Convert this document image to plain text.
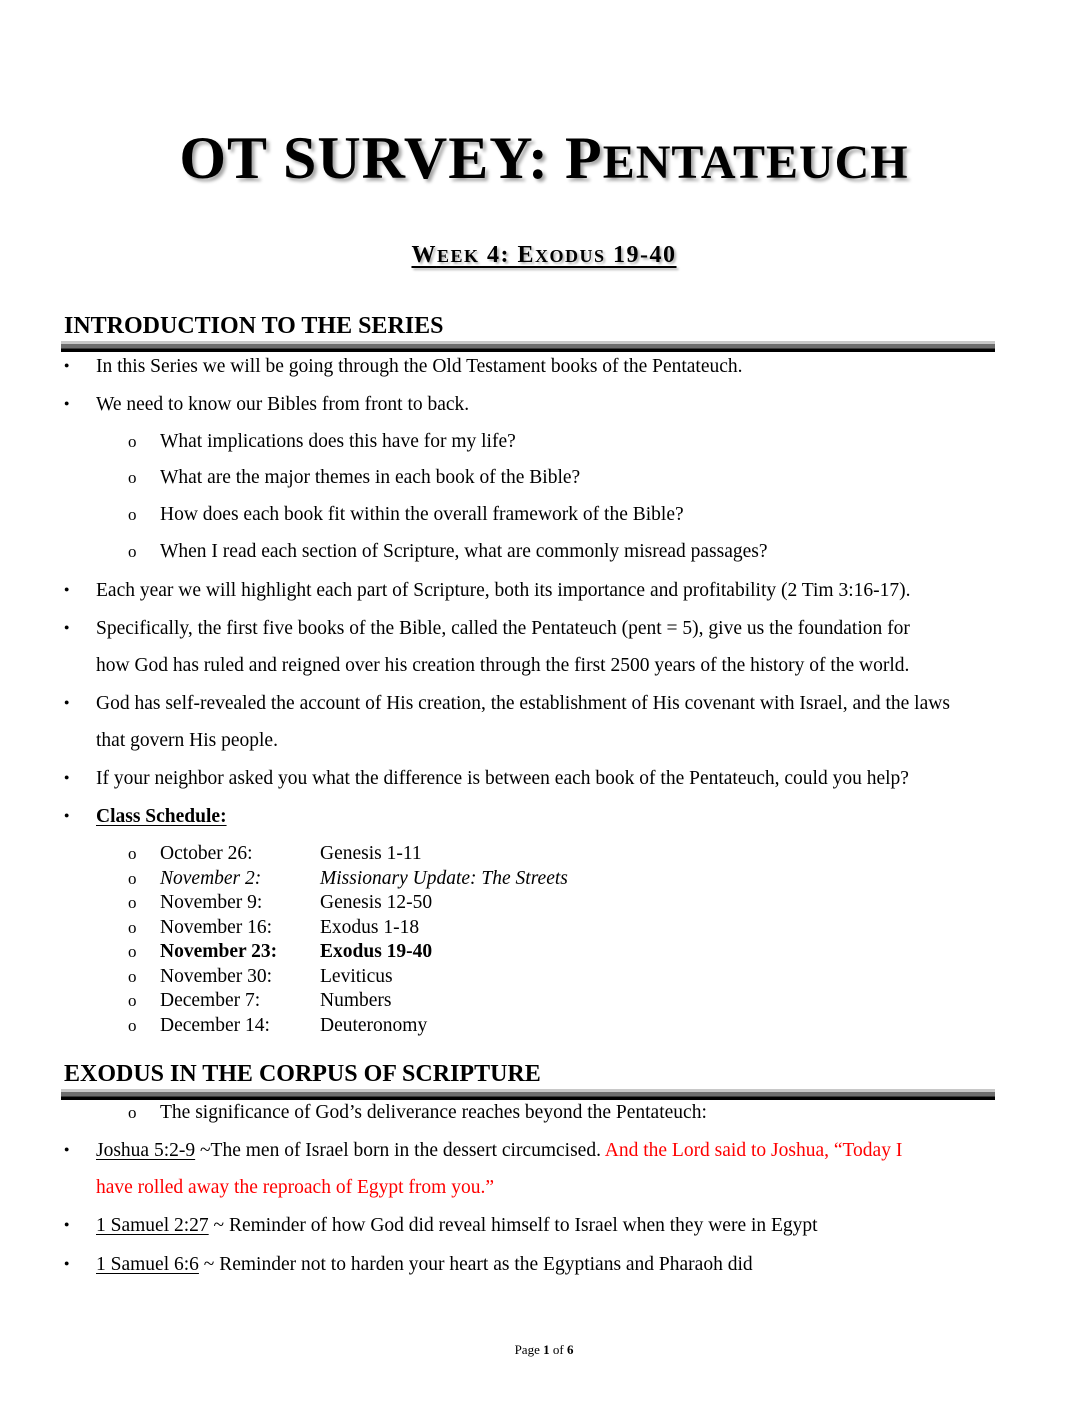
OT SURVEY: PENTATEUCH
WEEK 4: EXODUS 19-40
INTRODUCTION TO THE SERIES
●
In this Series we will be going through the Old Testament books of the Pentateuch.
●
We need to know our Bibles from front to back.
o What implications does this have for my life?
o What are the major themes in each book of the Bible?
o How does each book fit within the overall framework of the Bible?
o When I read each section of Scripture, what are commonly misread passages?
●
Each year we will highlight each part of Scripture, both its importance and profitability (2 Tim 3:16-17).
●
Specifically, the first five books of the Bible, called the Pentateuch (pent = 5), give us the foundation for
how God has ruled and reigned over his creation through the first 2500 years of the history of the world.
●
God has self-revealed the account of His creation, the establishment of His covenant with Israel, and the laws
that govern His people.
●
If your neighbor asked you what the difference is between each book of the Pentateuch, could you help?
●
Class Schedule:
o October 26:	Genesis 1-11
o November 2:	Missionary Update: The Streets
o November 9:	Genesis 12-50
o November 16: Exodus 1-18
o November 23: Exodus 19-40
o November 30: Leviticus
o December 7:	Numbers
o December 14:	Deuteronomy
EXODUS IN THE CORPUS OF SCRIPTURE
o The significance of God’s deliverance reaches beyond the Pentateuch:
●
Joshua 5:2-9 ~The men of Israel born in the dessert circumcised. And the Lord said to Joshua, “Today I
have rolled away the reproach of Egypt from you.”
●
1 Samuel 2:27 ~ Reminder of how God did reveal himself to Israel when they were in Egypt
●
1 Samuel 6:6 ~ Reminder not to harden your heart as the Egyptians and Pharaoh did
Page 1 of 6
